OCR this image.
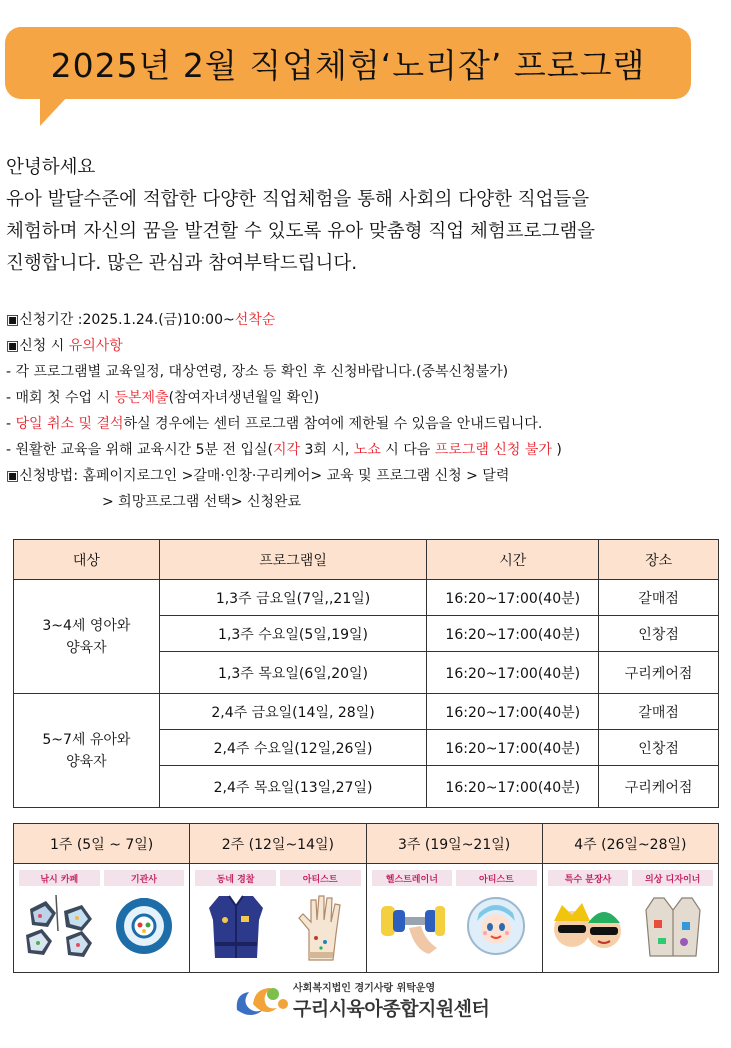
2025년 2월 직업체험‘노리잡’ 프로그램
안녕하세요
유아 발달수준에 적합한 다양한 직업체험을 통해 사회의 다양한 직업들을
체험하며 자신의 꿈을 발견할 수 있도록 유아 맞춤형 직업 체험프로그램을
진행합니다. 많은 관심과 참여부탁드립니다.
▣신청기간 :2025.1.24.(금)10:00~선착순
▣신청 시 유의사항
- 각 프로그램별 교육일정, 대상연령, 장소 등 확인 후 신청바랍니다.(중복신청불가)
- 매회 첫 수업 시 등본제출(참여자녀생년월일 확인)
- 당일 취소 및 결석하실 경우에는 센터 프로그램 참여에 제한될 수 있음을 안내드립니다.
- 원활한 교육을 위해 교육시간 5분 전 입실(지각 3회 시, 노쇼 시 다음 프로그램 신청 불가 )
▣신청방법: 홈페이지로그인 >갈매·인창·구리케어> 교육 및 프로그램 신청 > 달력
> 희망프로그램 선택> 신청완료
대상	프로그램일	시간	장소

3~4세 영아와
양육자	1,3주 금요일(7일,,21일)	16:20~17:00(40분)	갈매점
	1,3주 수요일(5일,19일)	16:20~17:00(40분)	인창점
	1,3주 목요일(6일,20일)	16:20~17:00(40분)	구리케어점

5~7세 유아와
양육자	2,4주 금요일(14일, 28일)	16:20~17:00(40분)	갈매점
	2,4주 수요일(12일,26일)	16:20~17:00(40분)	인창점
	2,4주 목요일(13일,27일)	16:20~17:00(40분)	구리케어점
1주 (5일 ~ 7일)
낚시 카페	기관사
2주 (12일~14일)
동네 경찰	아티스트
3주 (19일~21일)
헬스트레이너	아티스트
4주 (26일~28일)
특수 분장사	의상 디자이너
사회복지법인 경기사랑 위탁운영
구리시육아종합지원센터
